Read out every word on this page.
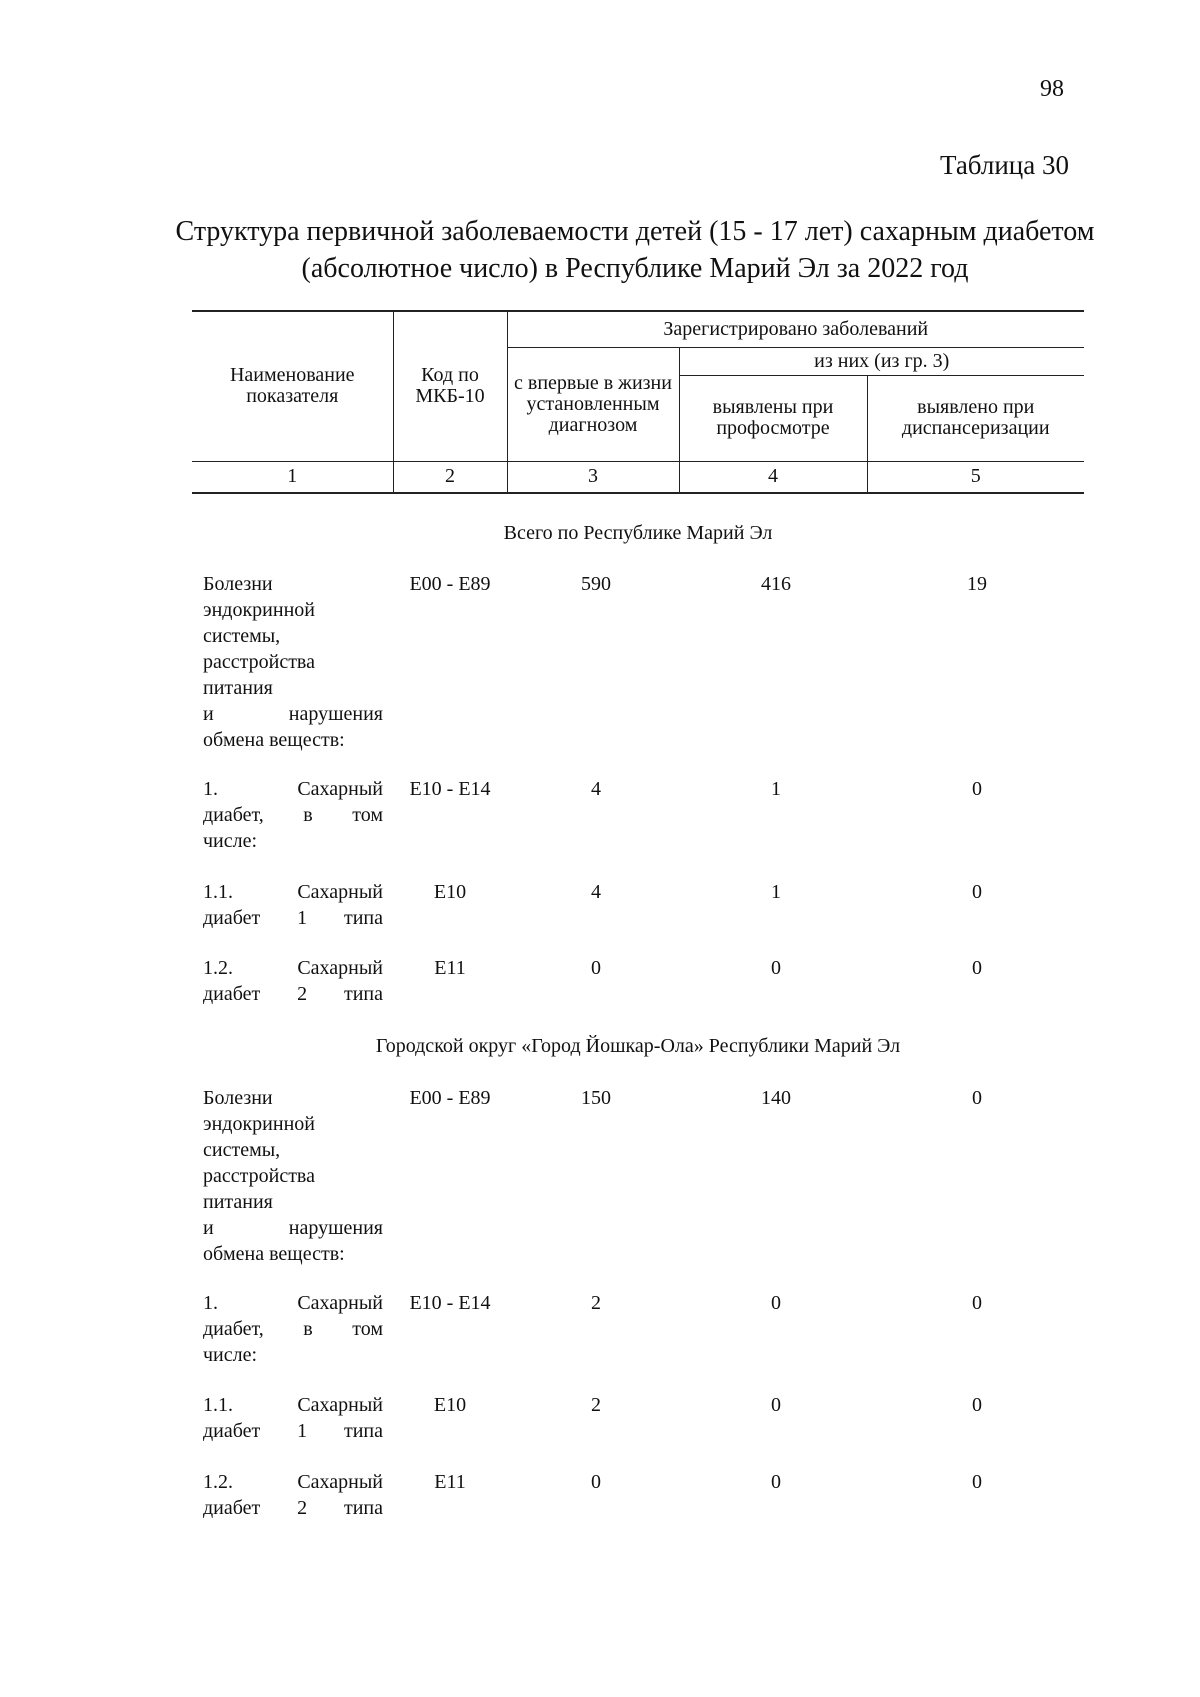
98
Таблица 30
Структура первичной заболеваемости детей (15 - 17 лет) сахарным диабетом (абсолютное число) в Республике Марий Эл за 2022 год
Наименование показателя	Код по МКБ-10	Зарегистрировано заболеваний		
		с впервые в жизни установленным диагнозом	из них (из гр. 3)	
			выявлены при профосмотре	выявлено при диспансеризации
1	2	3	4	5
Всего по Республике Марий Эл
Болезни
эндокринной
системы,
расстройства
питания
и нарушения
обмена веществ:
E00 - E89	590	416	19
1. Сахарный
диабет, в том
числе:
E10 - E14	4	1	0
1.1. Сахарный
диабет 1 типа
E10	4	1	0
1.2. Сахарный
диабет 2 типа
E11	0	0	0
Городской округ «Город Йошкар-Ола» Республики Марий Эл
Болезни
эндокринной
системы,
расстройства
питания
и нарушения
обмена веществ:
E00 - E89	150	140	0
1. Сахарный
диабет, в том
числе:
E10 - E14	2	0	0
1.1. Сахарный
диабет 1 типа
E10	2	0	0
1.2. Сахарный
диабет 2 типа
E11	0	0	0
